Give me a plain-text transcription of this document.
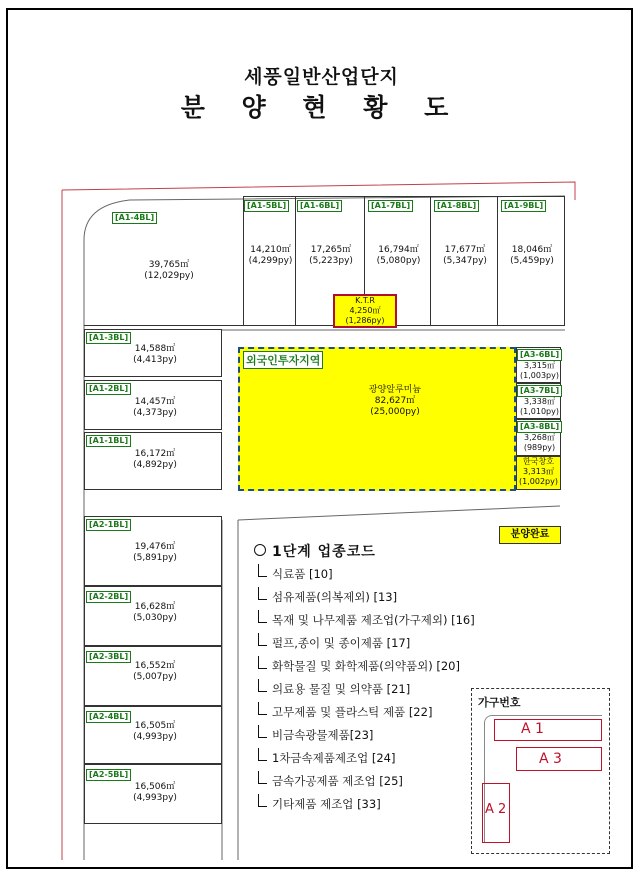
세풍일반산업단지
분 양 현 황 도
[A1-4BL]
39,765㎡
(12,029py)
[A1-5BL]
14,210㎡
(4,299py)
[A1-6BL]
17,265㎡
(5,223py)
[A1-7BL]
16,794㎡
(5,080py)
[A1-8BL]
17,677㎡
(5,347py)
[A1-9BL]
18,046㎡
(5,459py)
K.T.R
4,250㎡
(1,286py)
[A1-3BL]
14,588㎡
(4,413py)
[A1-2BL]
14,457㎡
(4,373py)
[A1-1BL]
16,172㎡
(4,892py)
외국인투자지역
광양알루미늄
82,627㎡
(25,000py)
[A3-6BL]
3,315㎡
(1,003py)
[A3-7BL]
3,338㎡
(1,010py)
[A3-8BL]
3,268㎡
(989py)
한국창호
3,313㎡
(1,002py)
분양완료
[A2-1BL]
19,476㎡
(5,891py)
[A2-2BL]
16,628㎡
(5,030py)
[A2-3BL]
16,552㎡
(5,007py)
[A2-4BL]
16,505㎡
(4,993py)
[A2-5BL]
16,506㎡
(4,993py)
1단계 업종코드
식료품 [10]
섬유제품(의복제외) [13]
목재 및 나무제품 제조업(가구제외) [16]
펄프,종이 및 종이제품 [17]
화학물질 및 화학제품(의약품외) [20]
의료용 물질 및 의약품 [21]
고무제품 및 플라스틱 제품 [22]
비금속광물제품[23]
1차금속제품제조업 [24]
금속가공제품 제조업 [25]
기타제품 제조업 [33]
가구번호
A 1
A 3
A 2
